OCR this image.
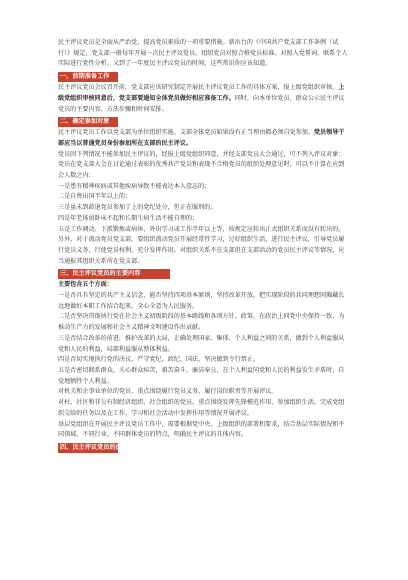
民主评议党员是全面从严治党、提高党员素质的一项重要措施。新出台的《中国共产党支部工作条例（试行）》规定，党支部一般每年开展一次民主评议党员。组织党员对照合格党员标准、对照入党誓词，联系个人实际进行党性分析。又到了一年度民主评议党员的时间，这些常识你应该知道。

一、前期准备工作

民主评议党员会议召开前，党支部应该研究制定开展民主评议党员工作的具体方案，报上级党组织审核。上级党组织审核同意后，党支部要通知全体党员做好相应准备工作。同时，向本单位党员、群众公示民主评议党员的主要内容、方法步骤和时间安排。

二、确定参加对象

民主评议党员工作以党支部为单位组织实施。支部全体党员如果没有正当理由都必须自觉参加。党员领导干部应当以普通党员身份参加所在支部的民主评议。

党员因下列情况不能参加民主评议的，经报上级党组织同意，并经支部党员大会通过，可不列入评议对象：党员在党支部大会在讨论通过表彰的优秀共产党员和表现不合格党员的组织处理意见时，可以不计算在应到会人数之内：

一是患有精神疾病或其他疾病导致不能表达本人意志的；

二是自费出国半年以上的；

三是虽未到龄退党员参加了上的党纪处分，但正在服刑的；

四是年老体弱卧床不起和长期生病生活不能自理的；

五是工作调动、下派锻炼或病休、外出学习或工作半年以上等，按规定应转出正式组织关系而没有转出的。

另外，对于流动党员党支部，要组织流动党员开展经常性学习，过好组织生活，进行民主评议，引导党员履行党员义务，行使党员权利，充分发挥作用。对组织关系不在支部但在支部活动的党员民主评议等情况，应当通报其组织关系所在党支部。

三、民主评议党员的主要内容

主要包含五个方面：

一是否具有坚定的共产主义信念，能否坚持四项基本原则，坚持改革开放，把实现阶段的共同理想同胸藏长远地做好本职工作结合起来，全心全意为人民服务。

二是否坚决贯彻执行党在社会主义初级阶段的基本路线和各项方针、政策，在政治上同党中央保持一致，为推动生产力的发展和社会主义精神文明建设作出贡献。

三是否结合改革的前进，推护改革的大局，正确处理国家、集体、个人利益之间的关系，做到个人利益服从党和人民的利益，局部利益服从整体利益。

四是否切实地执行党的决议，严守党纪、政纪、国法，坚决做到令行禁止。

五是否密切联系群众，关心群众疾苦，艰苦奋斗，廉洁奉公，在个人利益同党和人民的利益发生矛盾时，自觉地牺牲个人利益。

对机关和企事业单位的党员，重点围绕履行党员义务、履行岗位职责等开展评议。

对村、社区和非公有制经济组织、社会组织的党员，重点围绕发挥先锋模范作用、参加组织生活、完成党组织交给的任务以及在工作、学习和社会活动中发挥作用等情况开展评议。

基层党组织在开展民主评议党员工作中，需要根据党中央、上级组织的部署和要求，结合基层实际情况和不同领域、不同行业、不同群体党员的特点，明确民主评议的具体内容。

四、民主评议党员的流程
